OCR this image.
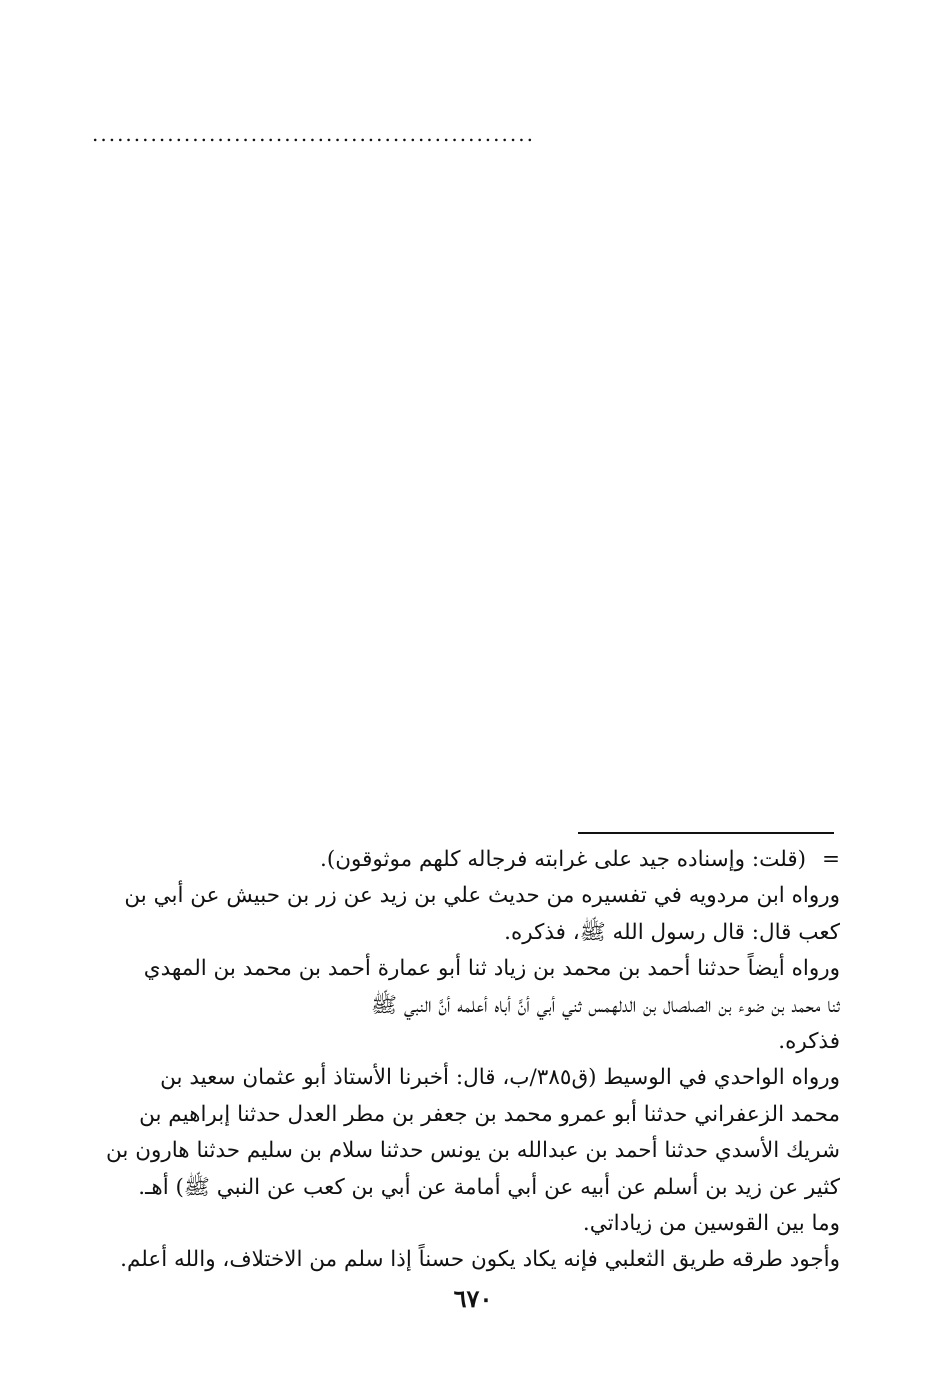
.....................................................
=
(قلت: وإسناده جيد على غرابته فرجاله كلهم موثوقون).
ورواه ابن مردويه في تفسيره من حديث علي بن زيد عن زر بن حبيش عن أبي بن
كعب قال: قال رسول الله ﷺ، فذكره.
ورواه أيضاً حدثنا أحمد بن محمد بن زياد ثنا أبو عمارة أحمد بن محمد بن المهدي
ثنا محمد بن ضوء بن الصلصال بن الدلهمس ثني أبي أنَّ أباه أعلمه أنَّ النبي ﷺ
فذكره.
ورواه الواحدي في الوسيط (ق٣٨٥/ب، قال: أخبرنا الأستاذ أبو عثمان سعيد بن
محمد الزعفراني حدثنا أبو عمرو محمد بن جعفر بن مطر العدل حدثنا إبراهيم بن
شريك الأسدي حدثنا أحمد بن عبدالله بن يونس حدثنا سلام بن سليم حدثنا هارون بن
كثير عن زيد بن أسلم عن أبيه عن أبي أمامة عن أبي بن كعب عن النبي ﷺ) أهـ.
وما بين القوسين من زياداتي.
وأجود طرقه طريق الثعلبي فإنه يكاد يكون حسناً إذا سلم من الاختلاف، والله أعلم.
٦٧٠
